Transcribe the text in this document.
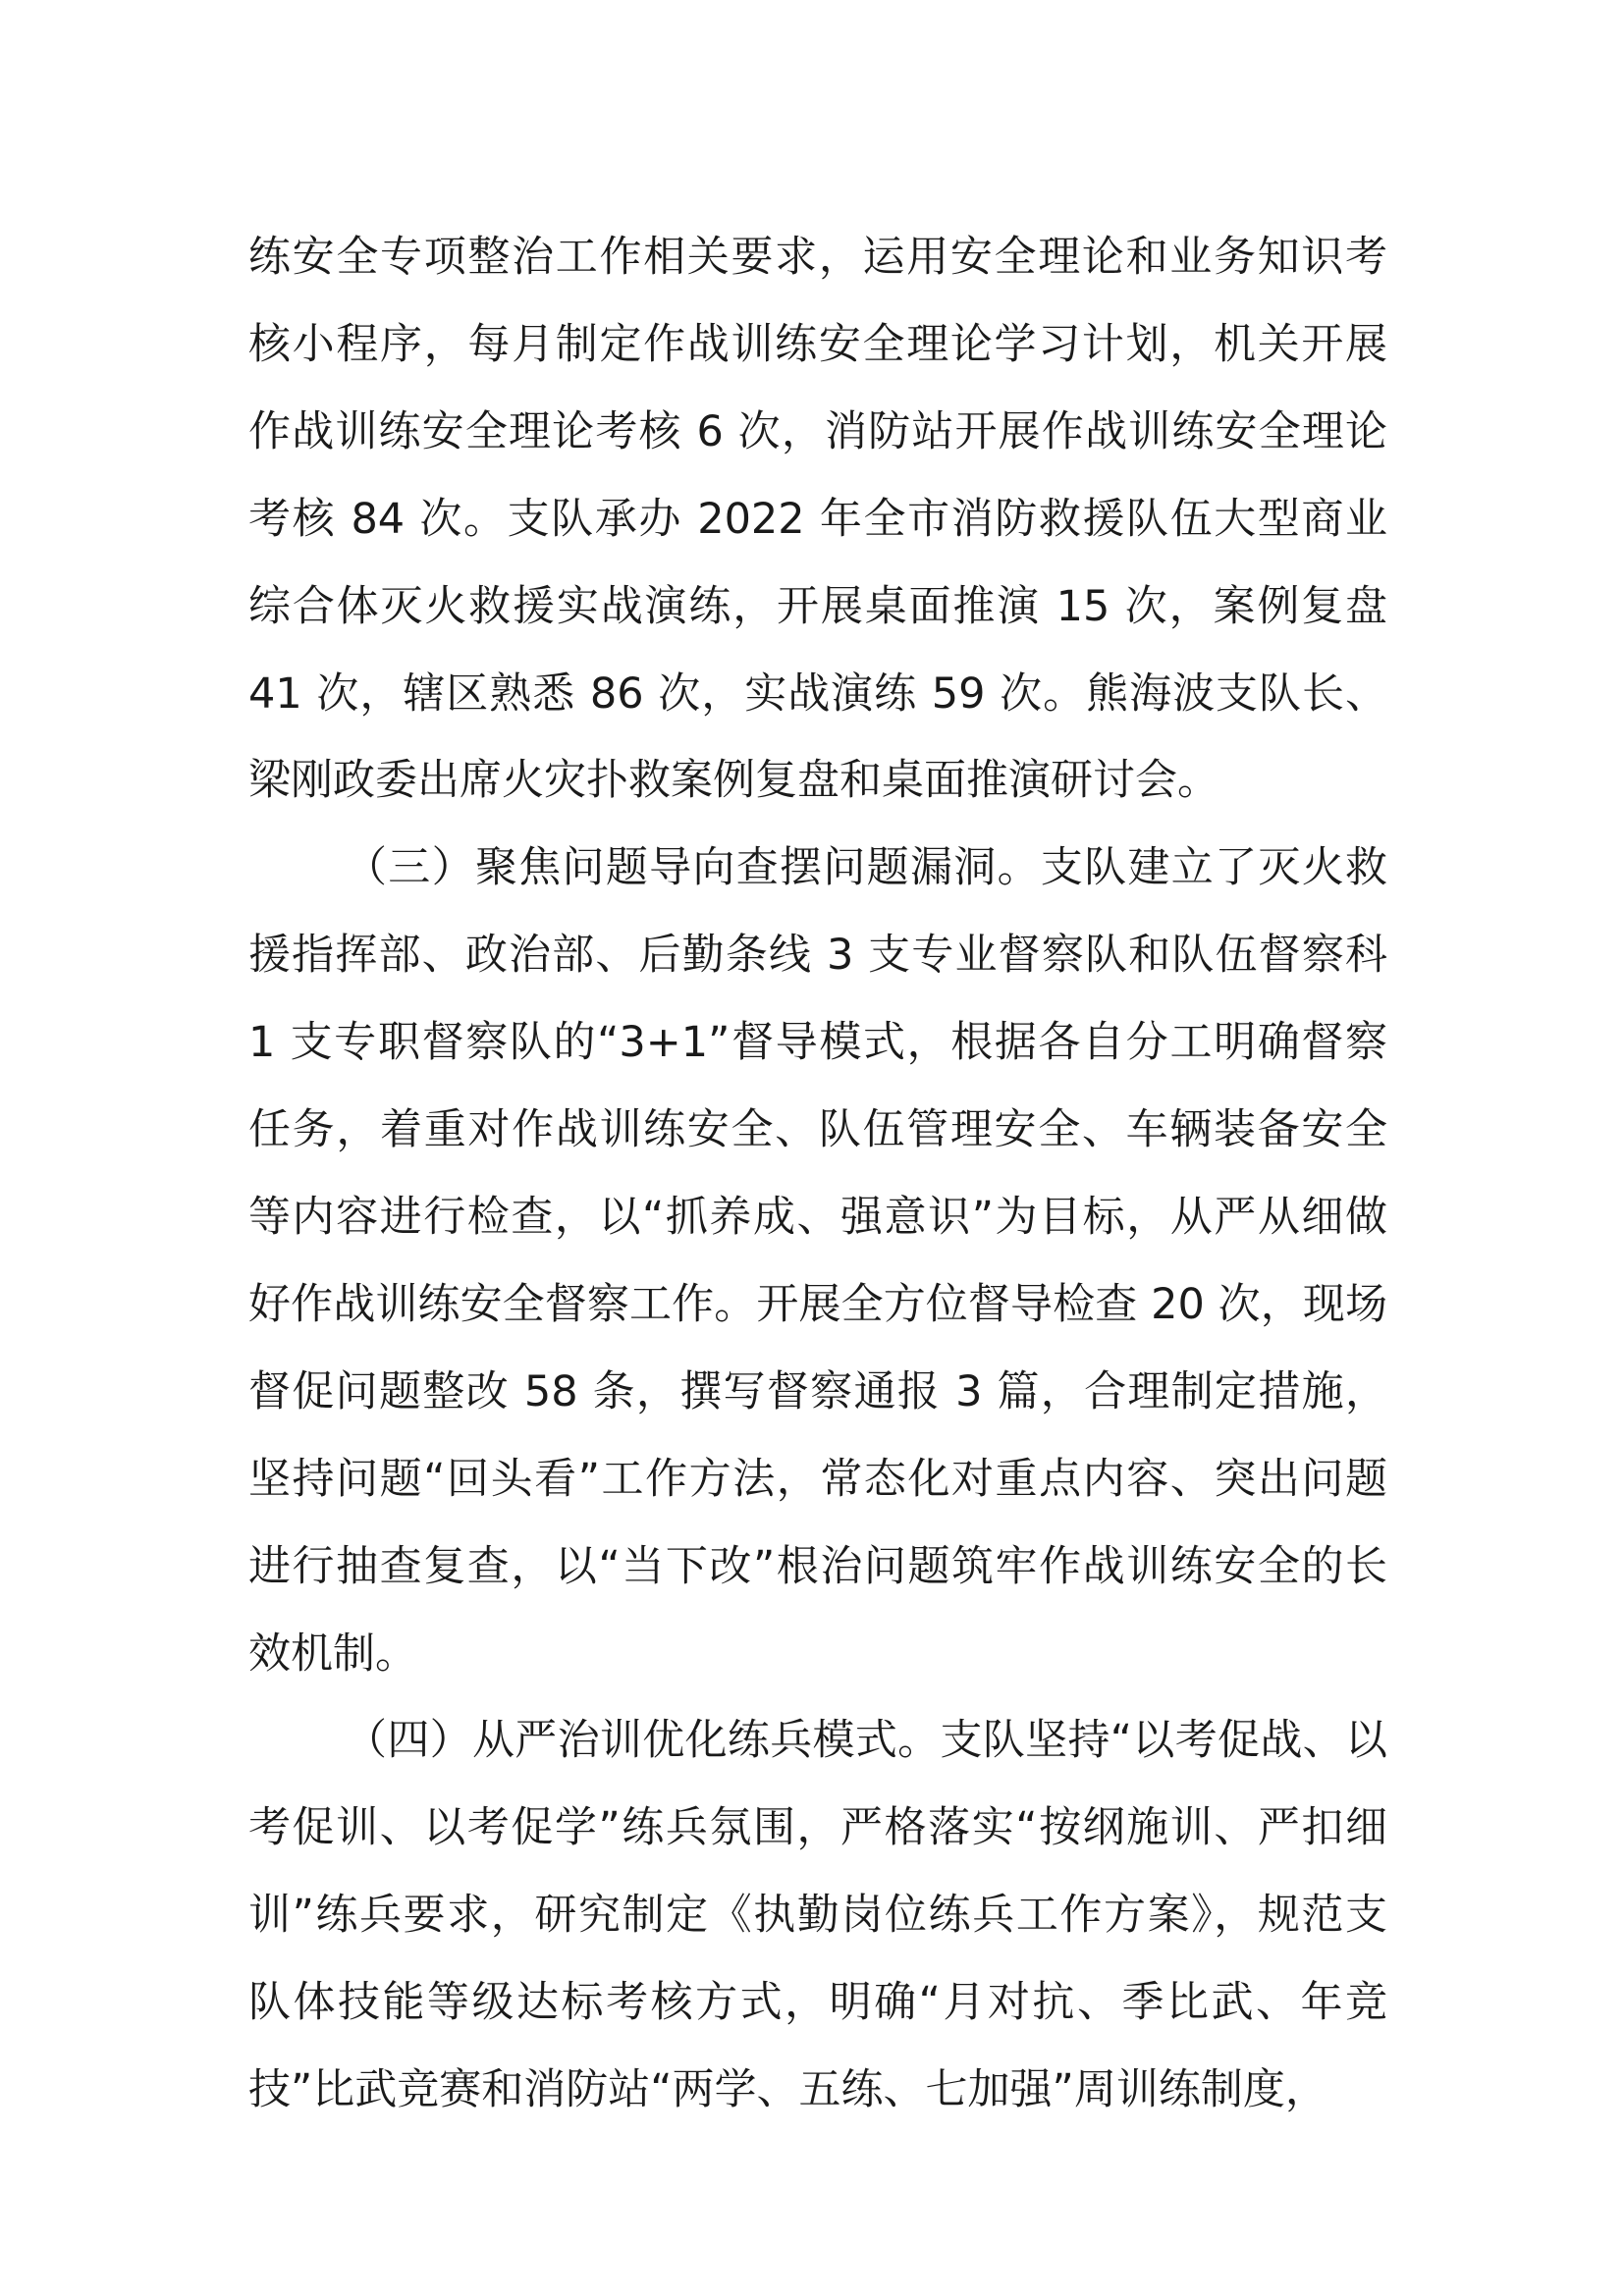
练安全专项整治工作相关要求，运用安全理论和业务知识考核小程序，每月制定作战训练安全理论学习计划，机关开展作战训练安全理论考核 6 次，消防站开展作战训练安全理论考核 84 次。支队承办 2022 年全市消防救援队伍大型商业综合体灭火救援实战演练，开展桌面推演 15 次，案例复盘 41 次，辖区熟悉 86 次，实战演练 59 次。熊海波支队长、梁刚政委出席火灾扑救案例复盘和桌面推演研讨会。

（三）聚焦问题导向查摆问题漏洞。支队建立了灭火救援指挥部、政治部、后勤条线 3 支专业督察队和队伍督察科 1 支专职督察队的“3+1”督导模式，根据各自分工明确督察任务，着重对作战训练安全、队伍管理安全、车辆装备安全等内容进行检查，以“抓养成、强意识”为目标，从严从细做好作战训练安全督察工作。开展全方位督导检查 20 次，现场督促问题整改 58 条，撰写督察通报 3 篇，合理制定措施，坚持问题“回头看”工作方法，常态化对重点内容、突出问题进行抽查复查，以“当下改”根治问题筑牢作战训练安全的长效机制。

（四）从严治训优化练兵模式。支队坚持“以考促战、以考促训、以考促学”练兵氛围，严格落实“按纲施训、严扣细训”练兵要求，研究制定《执勤岗位练兵工作方案》，规范支队体技能等级达标考核方式，明确“月对抗、季比武、年竞技”比武竞赛和消防站“两学、五练、七加强”周训练制度，
